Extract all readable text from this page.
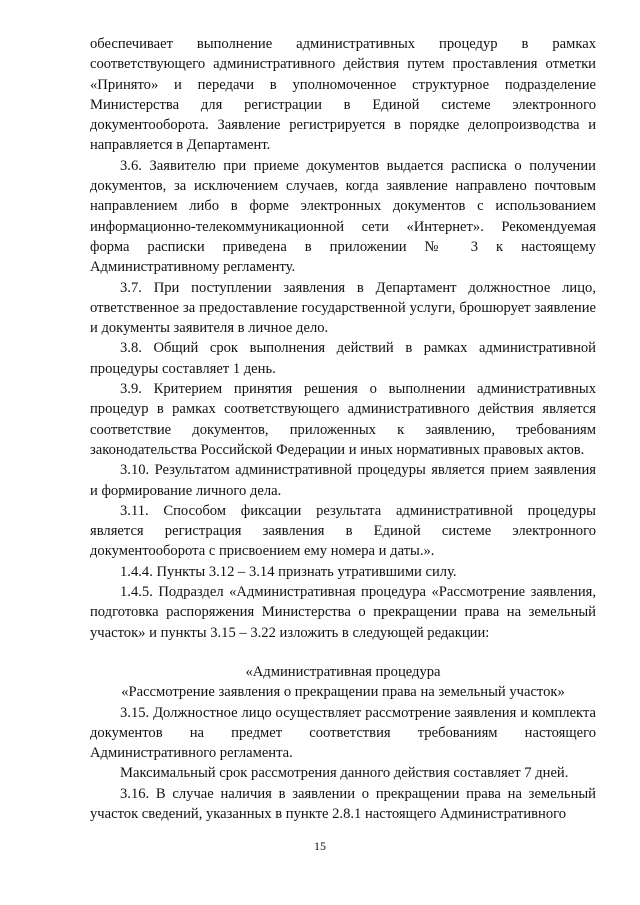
обеспечивает выполнение административных процедур в рамках соответствующего административного действия путем проставления отметки «Принято» и передачи в уполномоченное структурное подразделение Министерства для регистрации в Единой системе электронного документооборота. Заявление регистрируется в порядке делопроизводства и направляется в Департамент.

3.6. Заявителю при приеме документов выдается расписка о получении документов, за исключением случаев, когда заявление направлено почтовым направлением либо в форме электронных документов с использованием информационно-телекоммуникационной сети «Интернет». Рекомендуемая форма расписки приведена в приложении № 3 к настоящему Административному регламенту.

3.7. При поступлении заявления в Департамент должностное лицо, ответственное за предоставление государственной услуги, брошюрует заявление и документы заявителя в личное дело.

3.8. Общий срок выполнения действий в рамках административной процедуры составляет 1 день.

3.9. Критерием принятия решения о выполнении административных процедур в рамках соответствующего административного действия является соответствие документов, приложенных к заявлению, требованиям законодательства Российской Федерации и иных нормативных правовых актов.

3.10. Результатом административной процедуры является прием заявления и формирование личного дела.

3.11. Способом фиксации результата административной процедуры является регистрация заявления в Единой системе электронного документооборота с присвоением ему номера и даты.».

1.4.4. Пункты 3.12 – 3.14 признать утратившими силу.

1.4.5. Подраздел «Административная процедура «Рассмотрение заявления, подготовка распоряжения Министерства о прекращении права на земельный участок» и пункты 3.15 – 3.22 изложить в следующей редакции:

«Административная процедура

«Рассмотрение заявления о прекращении права на земельный участок»

3.15. Должностное лицо осуществляет рассмотрение заявления и комплекта документов на предмет соответствия требованиям настоящего Административного регламента.

Максимальный срок рассмотрения данного действия составляет 7 дней.

3.16. В случае наличия в заявлении о прекращении права на земельный участок сведений, указанных в пункте 2.8.1 настоящего Административного

15
